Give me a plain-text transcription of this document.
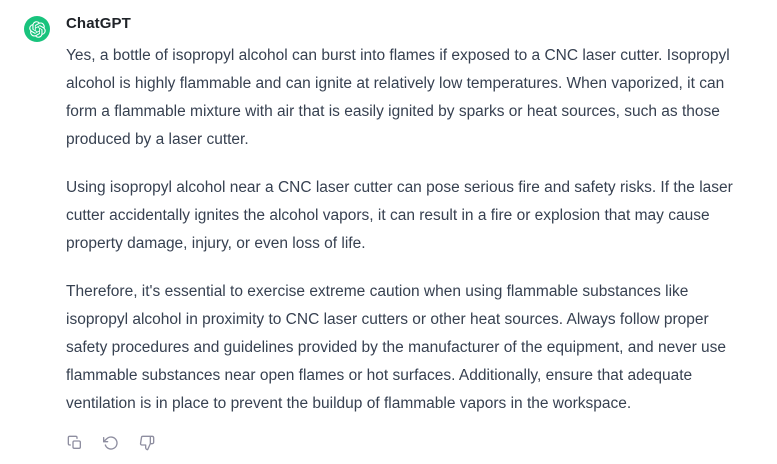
ChatGPT

Yes, a bottle of isopropyl alcohol can burst into flames if exposed to a CNC laser cutter. Isopropyl alcohol is highly flammable and can ignite at relatively low temperatures. When vaporized, it can form a flammable mixture with air that is easily ignited by sparks or heat sources, such as those produced by a laser cutter.

Using isopropyl alcohol near a CNC laser cutter can pose serious fire and safety risks. If the laser cutter accidentally ignites the alcohol vapors, it can result in a fire or explosion that may cause property damage, injury, or even loss of life.

Therefore, it's essential to exercise extreme caution when using flammable substances like isopropyl alcohol in proximity to CNC laser cutters or other heat sources. Always follow proper safety procedures and guidelines provided by the manufacturer of the equipment, and never use flammable substances near open flames or hot surfaces. Additionally, ensure that adequate ventilation is in place to prevent the buildup of flammable vapors in the workspace.
